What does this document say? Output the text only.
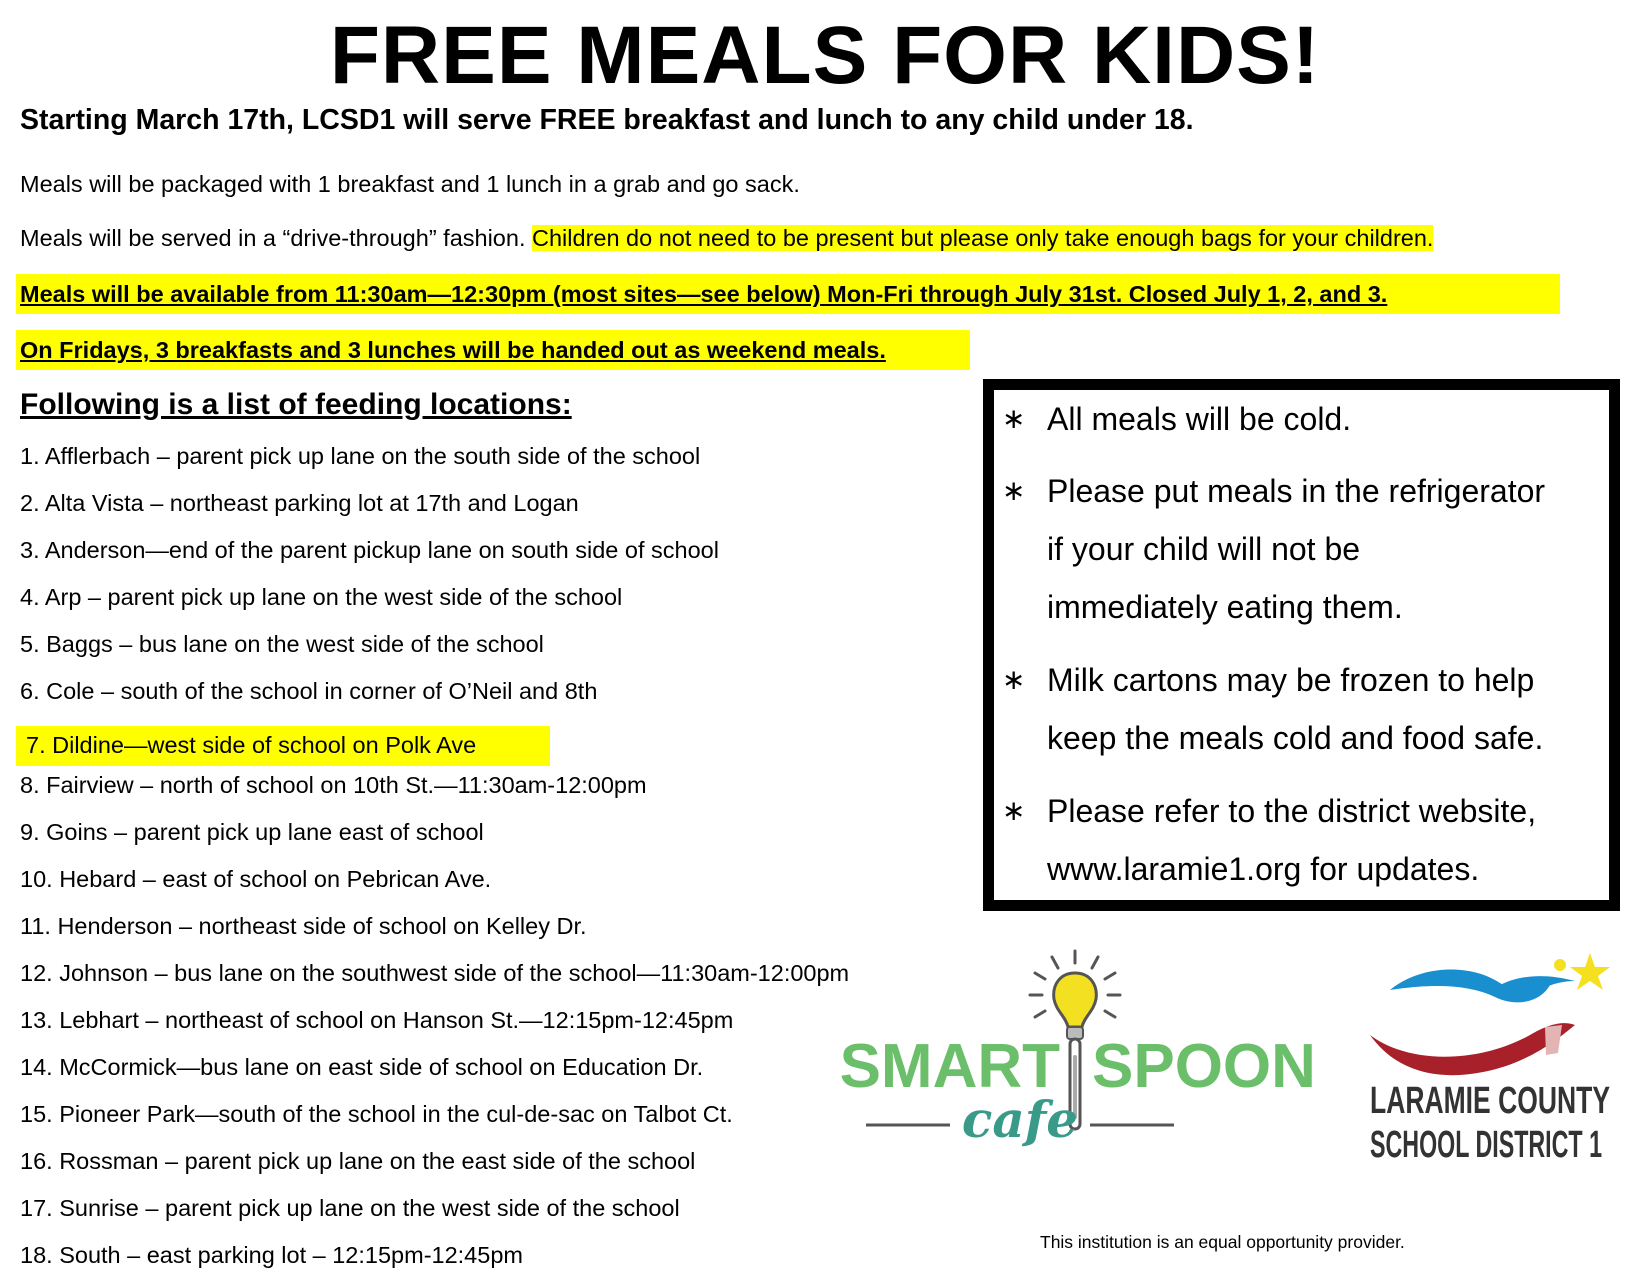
FREE MEALS FOR KIDS!
Starting March 17th, LCSD1 will serve FREE breakfast and lunch to any child under 18.
Meals will be packaged with 1 breakfast and 1 lunch in a grab and go sack.
Meals will be served in a “drive-through” fashion. Children do not need to be present but please only take enough bags for your children.
Meals will be available from 11:30am—12:30pm (most sites—see below) Mon-Fri through July 31st. Closed July 1, 2, and 3.
On Fridays, 3 breakfasts and 3 lunches will be handed out as weekend meals.
Following is a list of feeding locations:
1. Afflerbach – parent pick up lane on the south side of the school
2. Alta Vista – northeast parking lot at 17th and Logan
3. Anderson—end of the parent pickup lane on south side of school
4. Arp – parent pick up lane on the west side of the school
5. Baggs – bus lane on the west side of the school
6. Cole – south of the school in corner of O’Neil and 8th
7. Dildine—west side of school on Polk Ave
8. Fairview – north of school on 10th St.—11:30am-12:00pm
9. Goins – parent pick up lane east of school
10. Hebard – east of school on Pebrican Ave.
11. Henderson – northeast side of school on Kelley Dr.
12. Johnson – bus lane on the southwest side of the school—11:30am-12:00pm
13. Lebhart – northeast of school on Hanson St.—12:15pm-12:45pm
14. McCormick—bus lane on east side of school on Education Dr.
15. Pioneer Park—south of the school in the cul-de-sac on Talbot Ct.
16. Rossman – parent pick up lane on the east side of the school
17. Sunrise – parent pick up lane on the west side of the school
18. South – east parking lot – 12:15pm-12:45pm
∗ All meals will be cold.
∗ Please put meals in the refrigerator
if your child will not be
immediately eating them.
∗ Milk cartons may be frozen to help
keep the meals cold and food safe.
∗ Please refer to the district website,
www.laramie1.org for updates.
SMART SPOON
cafe	LARAMIE COUNTY
SCHOOL DISTRICT 1
This institution is an equal opportunity provider.
